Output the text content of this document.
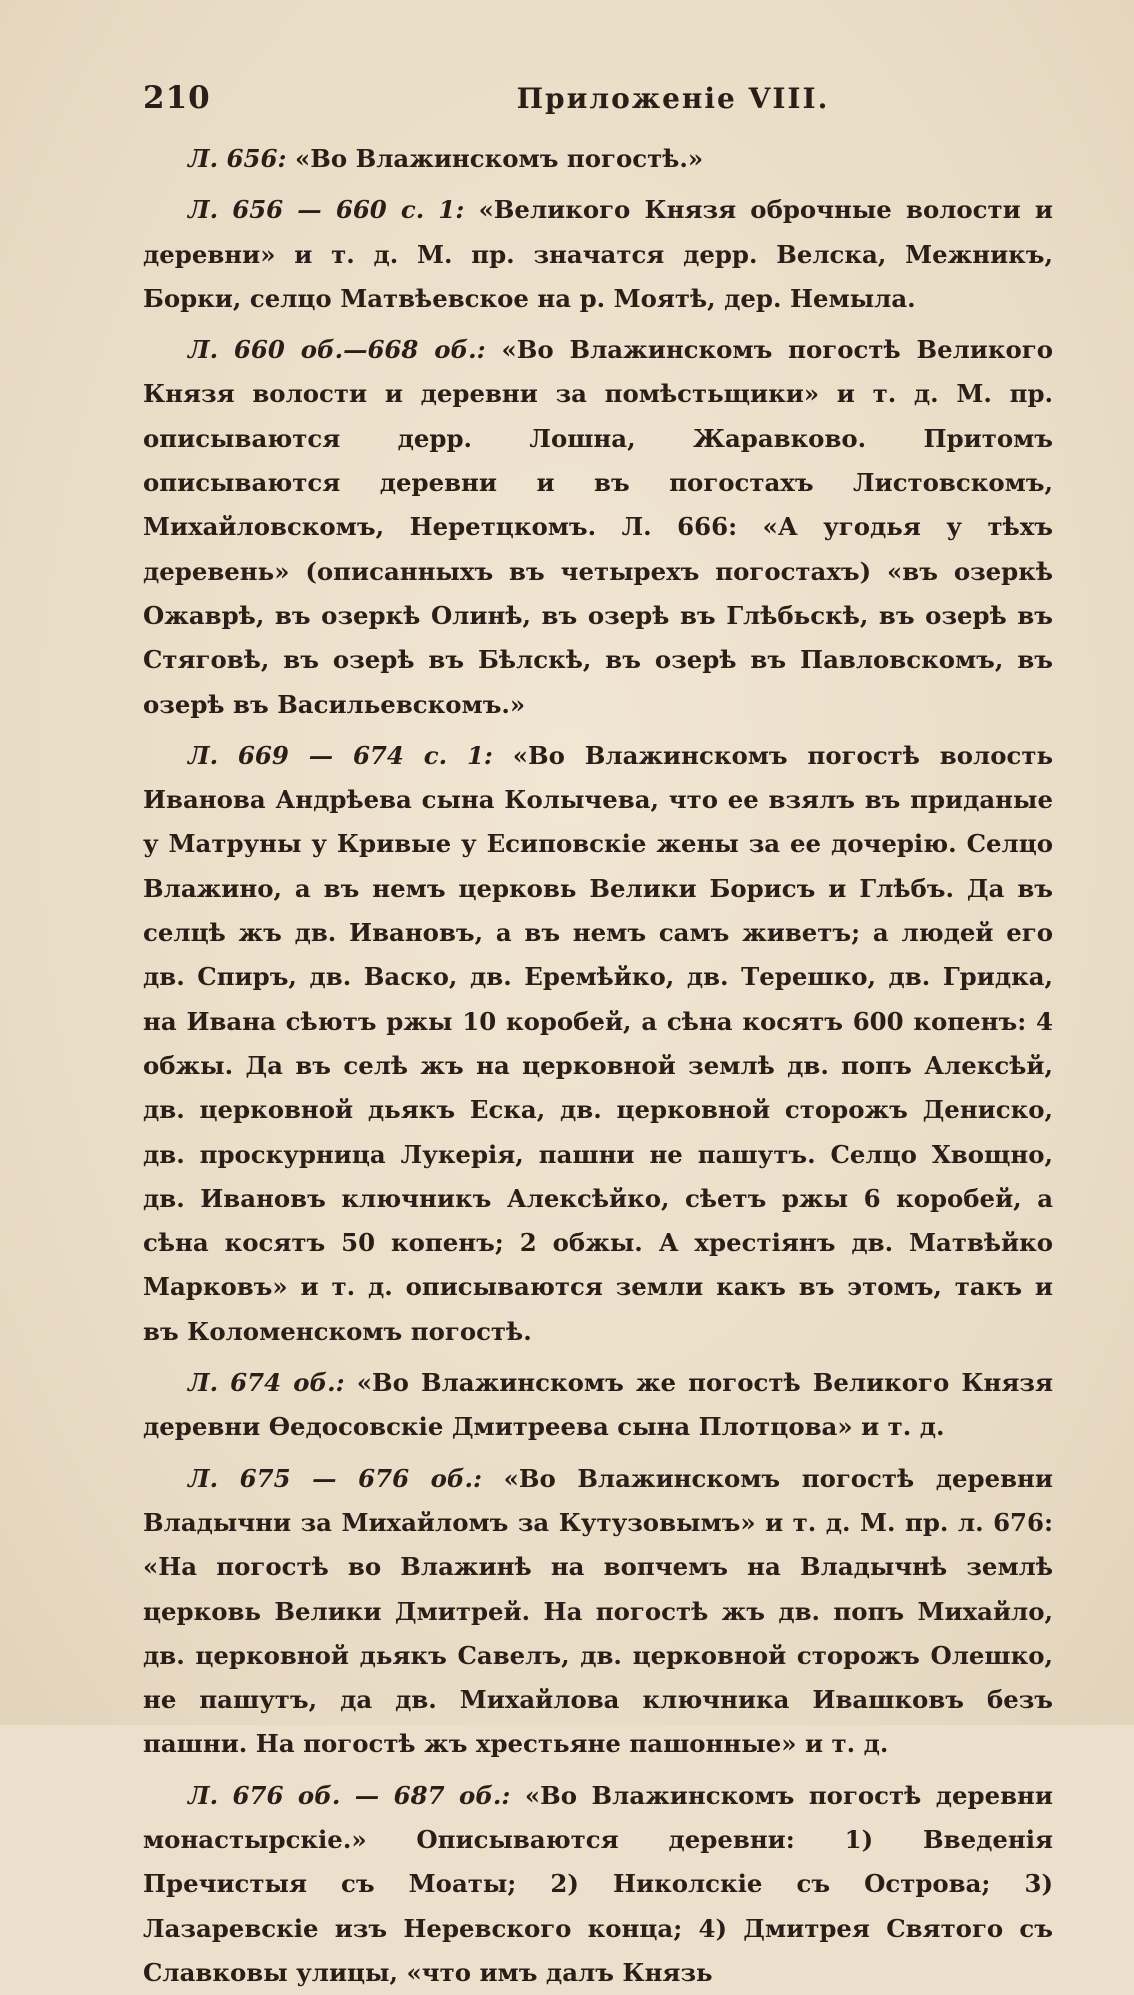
210	Приложеніе VIII.

Л. 656: «Во Влажинскомъ погостѣ.»

Л. 656 — 660 с. 1: «Великого Князя оброчные волости и деревни» и т. д. М. пр. значатся дерр. Велска, Межникъ, Борки, селцо Матвѣевское на р. Моятѣ, дер. Немыла.

Л. 660 об.—668 об.: «Во Влажинскомъ погостѣ Великого Князя волости и деревни за помѣстьщики» и т. д. М. пр. описываются дерр. Лошна, Жаравково. Притомъ описываются деревни и въ погостахъ Листовскомъ, Михайловскомъ, Неретцкомъ. Л. 666: «А угодья у тѣхъ деревень» (описанныхъ въ четырехъ погостахъ) «въ озеркѣ Ожаврѣ, въ озеркѣ Олинѣ, въ озерѣ въ Глѣбьскѣ, въ озерѣ въ Стяговѣ, въ озерѣ въ Бѣлскѣ, въ озерѣ въ Павловскомъ, въ озерѣ въ Васильевскомъ.»

Л. 669 — 674 с. 1: «Во Влажинскомъ погостѣ волость Иванова Андрѣева сына Колычева, что ее взялъ въ приданые у Матруны у Кривые у Есиповскіе жены за ее дочерію. Селцо Влажино, а въ немъ церковь Велики Борисъ и Глѣбъ. Да въ селцѣ жъ дв. Ивановъ, а въ немъ самъ живетъ; а людей его дв. Спиръ, дв. Васко, дв. Еремѣйко, дв. Терешко, дв. Гридка, на Ивана сѣютъ ржы 10 коробей, а сѣна косятъ 600 копенъ: 4 обжы. Да въ селѣ жъ на церковной землѣ дв. попъ Алексѣй, дв. церковной дьякъ Еска, дв. церковной сторожъ Дениско, дв. проскурница Лукерія, пашни не пашутъ. Селцо Хвощно, дв. Ивановъ ключникъ Алексѣйко, сѣетъ ржы 6 коробей, а сѣна косятъ 50 копенъ; 2 обжы. А хрестіянъ дв. Матвѣйко Марковъ» и т. д. описываются земли какъ въ этомъ, такъ и въ Коломенскомъ погостѣ.

Л. 674 об.: «Во Влажинскомъ же погостѣ Великого Князя деревни Өедосовскіе Дмитреева сына Плотцова» и т. д.

Л. 675 — 676 об.: «Во Влажинскомъ погостѣ деревни Владычни за Михайломъ за Кутузовымъ» и т. д. М. пр. л. 676: «На погостѣ во Влажинѣ на вопчемъ на Владычнѣ землѣ церковь Велики Дмитрей. На погостѣ жъ дв. попъ Михайло, дв. церковной дьякъ Савелъ, дв. церковной сторожъ Олешко, не пашутъ, да дв. Михайлова ключника Ивашковъ безъ пашни. На погостѣ жъ хрестьяне пашонные» и т. д.

Л. 676 об. — 687 об.: «Во Влажинскомъ погостѣ деревни монастырскіе.» Описываются деревни: 1) Введенія Пречистыя съ Моаты; 2) Николскіе съ Острова; 3) Лазаревскіе изъ Неревского конца; 4) Дмитрея Святого съ Славковы улицы, «что имъ далъ Князь
